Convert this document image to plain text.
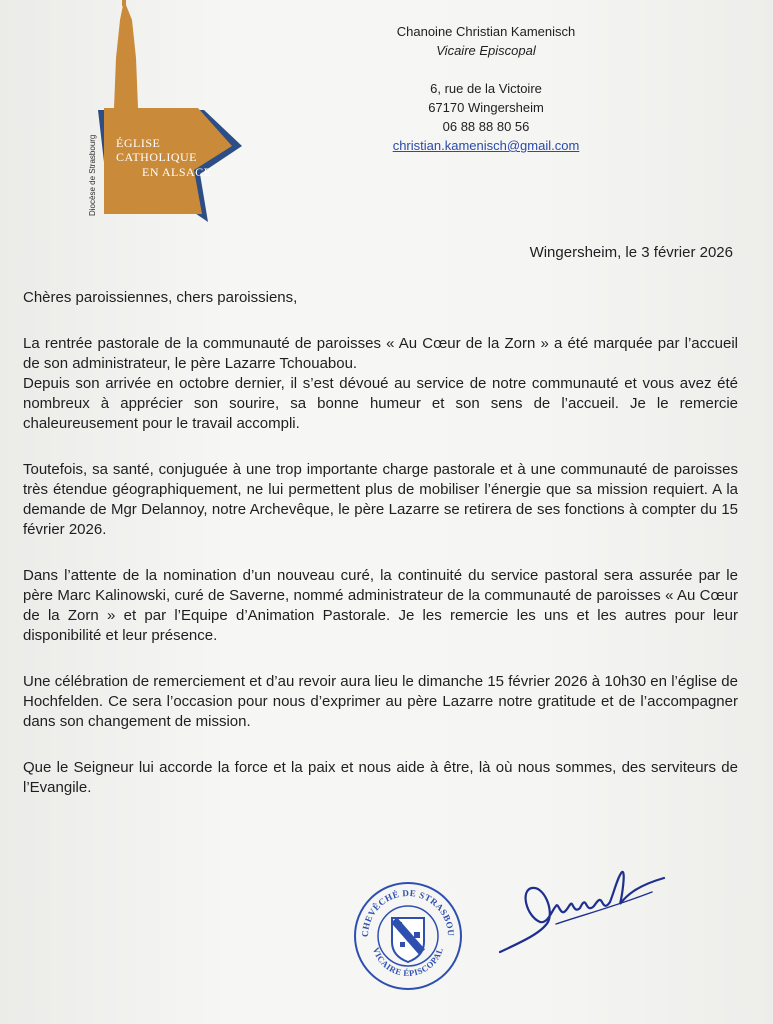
ÉGLISE
CATHOLIQUE
EN ALSACE
Diocèse de Strasbourg
Chanoine Christian Kamenisch
Vicaire Episcopal
6, rue de la Victoire
67170 Wingersheim
06 88 88 80 56
christian.kamenisch@gmail.com
Wingersheim, le 3 février 2026

Chères paroissiennes, chers paroissiens,

La rentrée pastorale de la communauté de paroisses « Au Cœur de la Zorn » a été marquée par l’accueil de son administrateur, le père Lazarre Tchouabou.

Depuis son arrivée en octobre dernier, il s’est dévoué au service de notre communauté et vous avez été nombreux à apprécier son sourire, sa bonne humeur et son sens de l’accueil. Je le remercie chaleureusement pour le travail accompli.

Toutefois, sa santé, conjuguée à une trop importante charge pastorale et à une communauté de paroisses très étendue géographiquement, ne lui permettent plus de mobiliser l’énergie que sa mission requiert. A la demande de Mgr Delannoy, notre Archevêque, le père Lazarre se retirera de ses fonctions à compter du 15 février 2026.

Dans l’attente de la nomination d’un nouveau curé, la continuité du service pastoral sera assurée par le père Marc Kalinowski, curé de Saverne, nommé administrateur de la communauté de paroisses « Au Cœur de la Zorn » et par l’Equipe d’Animation Pastorale. Je les remercie les uns et les autres pour leur disponibilité et leur présence.

Une célébration de remerciement et d’au revoir aura lieu le dimanche 15 février 2026 à 10h30 en l’église de Hochfelden. Ce sera l’occasion pour nous d’exprimer au père Lazarre notre gratitude et de l’accompagner dans son changement de mission.

Que le Seigneur lui accorde la force et la paix et nous aide à être, là où nous sommes, des serviteurs de l’Evangile.

CHEVÊCHÉ DE STRASBOU
VICAIRE ÉPISCOPAL
